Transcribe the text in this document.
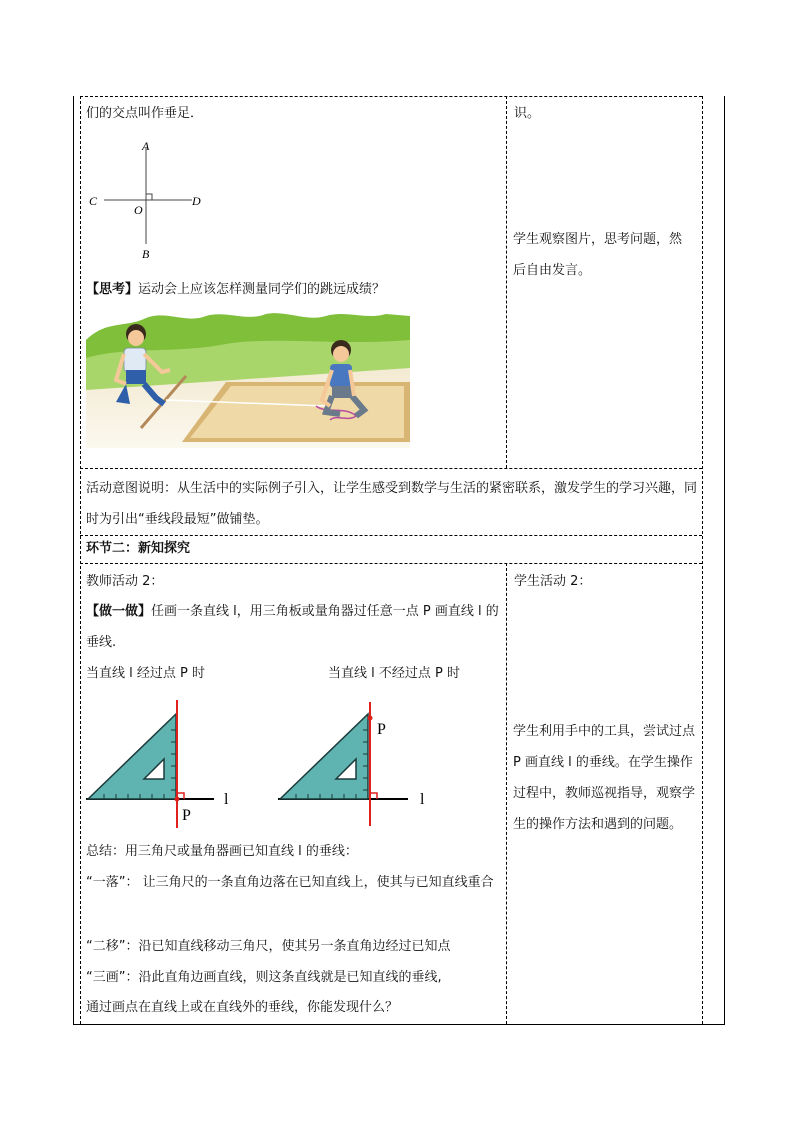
们的交点叫作垂足．
A
B
C	D
O
【思考】运动会上应该怎样测量同学们的跳远成绩？
识。
学生观察图片，思考问题，然后自由发言。
活动意图说明：从生活中的实际例子引入，让学生感受到数学与生活的紧密联系，激发学生的学习兴趣，同时为引出“垂线段最短”做铺垫。
环节二：新知探究
教师活动 2：
【做一做】任画一条直线 l，用三角板或量角器过任意一点 P 画直线 l 的垂线.
当直线 l 经过点 P 时	当直线 l 不经过点 P 时
P
l
P
l
总结：用三角尺或量角器画已知直线 l 的垂线：
“一落”： 让三角尺的一条直角边落在已知直线上，使其与已知直线重合
“二移”：沿已知直线移动三角尺，使其另一条直角边经过已知点
“三画”：沿此直角边画直线，则这条直线就是已知直线的垂线,
通过画点在直线上或在直线外的垂线，你能发现什么？
学生活动 2：
学生利用手中的工具，尝试过点 P 画直线 l 的垂线。在学生操作过程中，教师巡视指导，观察学生的操作方法和遇到的问题。
